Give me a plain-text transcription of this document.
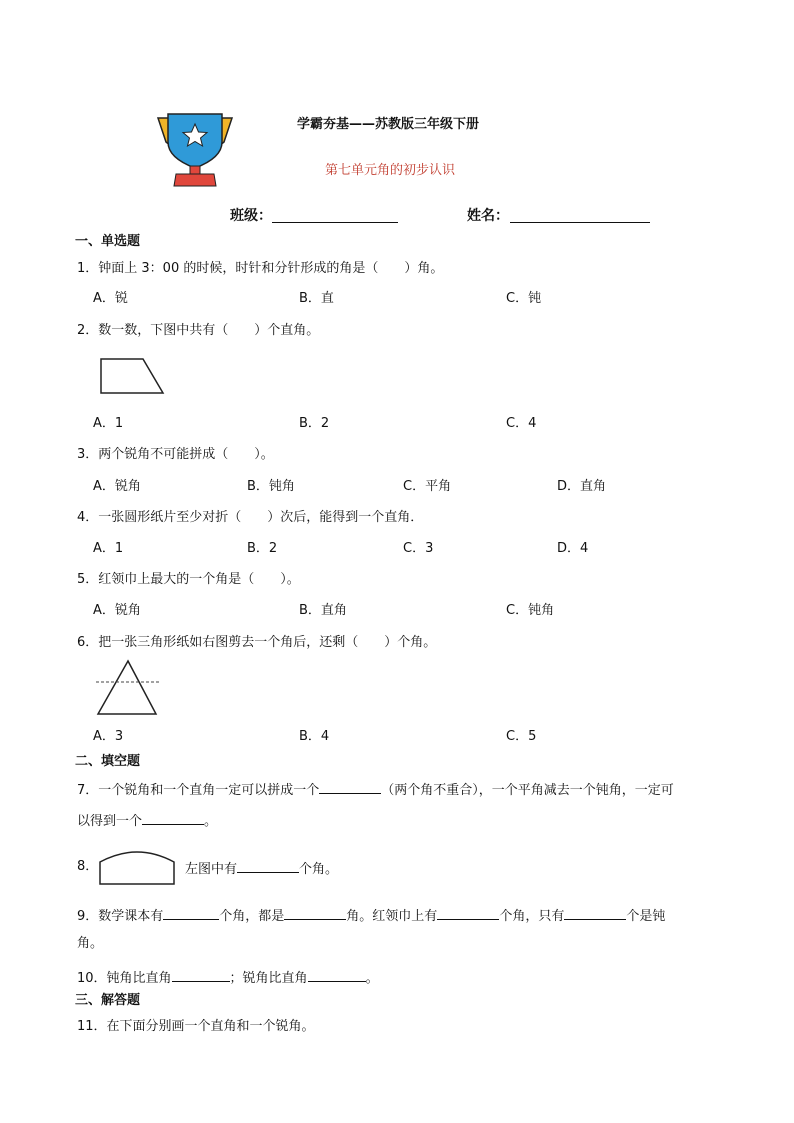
学霸夯基——苏教版三年级下册
第七单元角的初步认识
班级：	姓名：
一、单选题
1．钟面上 3：00 的时候，时针和分针形成的角是（　　）角。
A．锐	B．直	C．钝
2．数一数，下图中共有（　　）个直角。
A．1	B．2	C．4
3．两个锐角不可能拼成（　　）。
A．锐角	B．钝角	C．平角	D．直角
4．一张圆形纸片至少对折（　　）次后，能得到一个直角．
A．1	B．2	C．3	D．4
5．红领巾上最大的一个角是（　　）。
A．锐角	B．直角	C．钝角
6．把一张三角形纸如右图剪去一个角后，还剩（　　）个角。
A．3	B．4	C．5
二、填空题
7．一个锐角和一个直角一定可以拼成一个	（两个角不重合），一个平角减去一个钝角，一定可
以得到一个	。
8．	左图中有	个角。
9．数学课本有	个角，都是	角。红领巾上有	个角，只有	个是钝
角。
10．钝角比直角	；锐角比直角	。
三、解答题
11．在下面分别画一个直角和一个锐角。
